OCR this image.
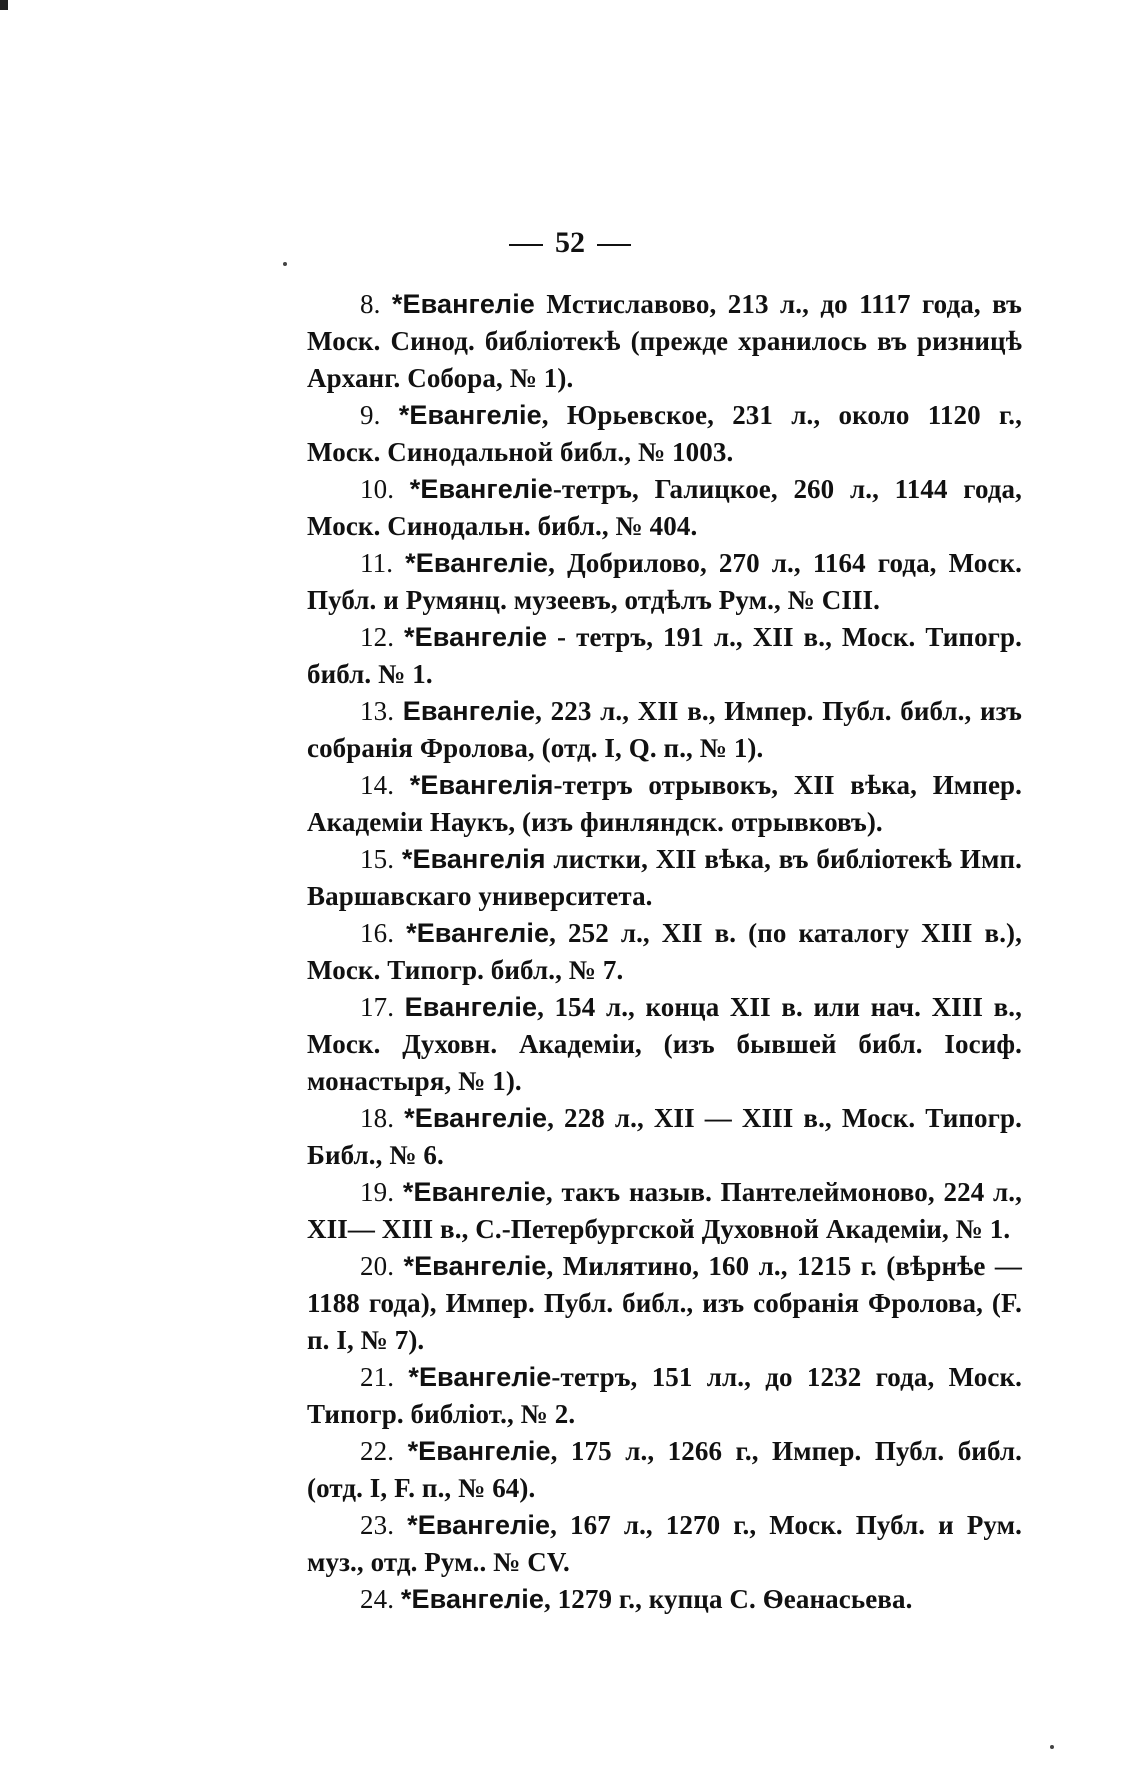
52

8. *Евангеліе Мстиславово, 213 л., до 1117 года, въ Моск. Синод. библіотекѣ (прежде хранилось въ ризницѣ Арханг. Собора, № 1).

9. *Евангеліе, Юрьевское, 231 л., около 1120 г., Моск. Синодальной библ., № 1003.

10. *Евангеліе-тетръ, Галицкое, 260 л., 1144 года, Моск. Синодальн. библ., № 404.

11. *Евангеліе, Добрилово, 270 л., 1164 года, Моск. Публ. и Румянц. музеевъ, отдѣлъ Рум., № CIII.

12. *Евангеліе - тетръ, 191 л., XII в., Моск. Типогр. библ. № 1.

13. Евангеліе, 223 л., XII в., Импер. Публ. библ., изъ собранія Фролова, (отд. I, Q. п., № 1).

14. *Евангелія-тетръ отрывокъ, XII вѣка, Импер. Академіи Наукъ, (изъ финляндск. отрывковъ).

15. *Евангелія листки, XII вѣка, въ библіотекѣ Имп. Варшавскаго университета.

16. *Евангеліе, 252 л., XII в. (по каталогу XIII в.), Моск. Типогр. библ., № 7.

17. Евангеліе, 154 л., конца XII в. или нач. XIII в., Моск. Духовн. Академіи, (изъ бывшей библ. Іосиф. монастыря, № 1).

18. *Евангеліе, 228 л., XII — XIII в., Моск. Типогр. Библ., № 6.

19. *Евангеліе, такъ назыв. Пантелеймоново, 224 л., XII— XIII в., С.-Петербургской Духовной Академіи, № 1.

20. *Евангеліе, Милятино, 160 л., 1215 г. (вѣрнѣе —1188 года), Импер. Публ. библ., изъ собранія Фролова, (F. п. I, № 7).

21. *Евангеліе-тетръ, 151 лл., до 1232 года, Моск. Типогр. библіот., № 2.

22. *Евангеліе, 175 л., 1266 г., Импер. Публ. библ. (отд. I, F. п., № 64).

23. *Евангеліе, 167 л., 1270 г., Моск. Публ. и Рум. муз., отд. Рум.. № CV.

24. *Евангеліе, 1279 г., купца С. Ѳеанасьева.
